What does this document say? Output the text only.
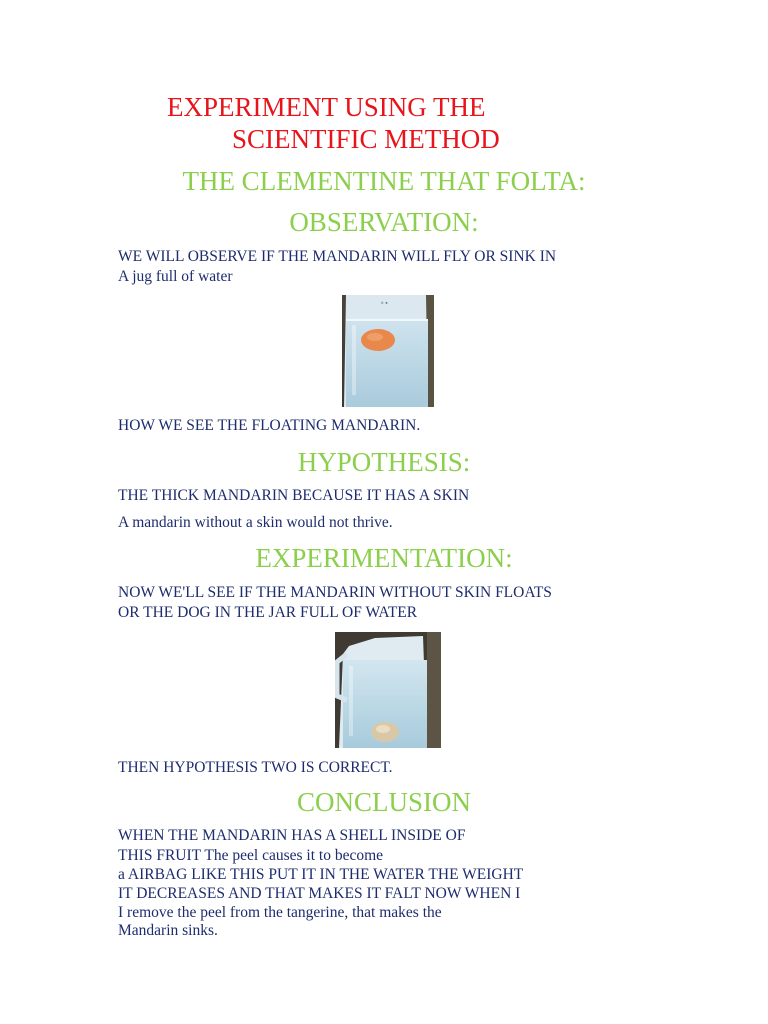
EXPERIMENT USING THE
SCIENTIFIC METHOD
THE CLEMENTINE THAT FOLTA:
OBSERVATION:

WE WILL OBSERVE IF THE MANDARIN WILL FLY OR SINK IN

A jug full of water

∘∙

HOW WE SEE THE FLOATING MANDARIN.

HYPOTHESIS:

THE THICK MANDARIN BECAUSE IT HAS A SKIN

A mandarin without a skin would not thrive.

EXPERIMENTATION:

NOW WE'LL SEE IF THE MANDARIN WITHOUT SKIN FLOATS

OR THE DOG IN THE JAR FULL OF WATER

THEN HYPOTHESIS TWO IS CORRECT.

CONCLUSION

WHEN THE MANDARIN HAS A SHELL INSIDE OF

THIS FRUIT The peel causes it to become

a AIRBAG LIKE THIS PUT IT IN THE WATER THE WEIGHT

IT DECREASES AND THAT MAKES IT FALT NOW WHEN I

I remove the peel from the tangerine, that makes the

Mandarin sinks.
